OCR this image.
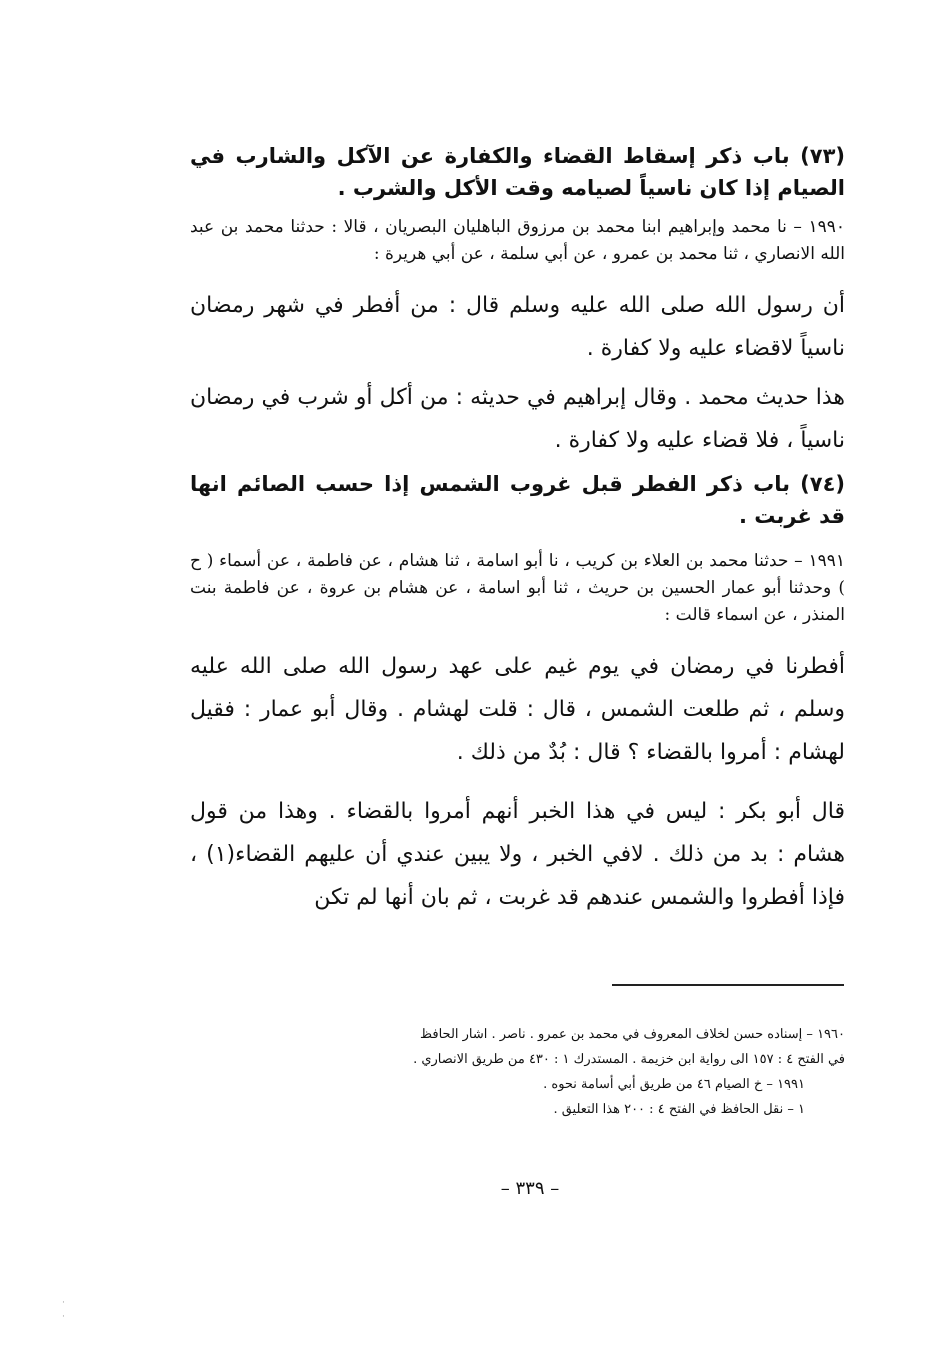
(٧٣) باب ذكر إسقاط القضاء والكفارة عن الآكل والشارب في الصيام إذا كان ناسياً لصيامه وقت الأكل والشرب .

١٩٩٠ – نا محمد وإبراهيم ابنا محمد بن مرزوق الباهليان البصريان ، قالا : حدثنا محمد بن عبد الله الانصاري ، ثنا محمد بن عمرو ، عن أبي سلمة ، عن أبي هريرة :

أن رسول الله صلى الله عليه وسلم قال : من أفطر في شهر رمضان ناسياً لاقضاء عليه ولا كفارة .

هذا حديث محمد . وقال إبراهيم في حديثه : من أكل أو شرب في رمضان ناسياً ، فلا قضاء عليه ولا كفارة .

(٧٤) باب ذكر الفطر قبل غروب الشمس إذا حسب الصائم انها قد غربت .

١٩٩١ – حدثنا محمد بن العلاء بن كريب ، نا أبو اسامة ، ثنا هشام ، عن فاطمة ، عن أسماء ( ح ) وحدثنا أبو عمار الحسين بن حريث ، ثنا أبو اسامة ، عن هشام بن عروة ، عن فاطمة بنت المنذر ، عن اسماء قالت :

أفطرنا في رمضان في يوم غيم على عهد رسول الله صلى الله عليه وسلم ، ثم طلعت الشمس ، قال : قلت لهشام . وقال أبو عمار : فقيل لهشام : أمروا بالقضاء ؟ قال : بُدٌ من ذلك .

قال أبو بكر : ليس في هذا الخبر أنهم أمروا بالقضاء . وهذا من قول هشام : بد من ذلك . لافي الخبر ، ولا يبين عندي أن عليهم القضاء(١) ، فإذا أفطروا والشمس عندهم قد غربت ، ثم بان أنها لم تكن

١٩٦٠ – إسناده حسن لخلاف المعروف في محمد بن عمرو . ناصر . اشار الحافظ

في الفتح ٤ : ١٥٧ الى رواية ابن خزيمة . المستدرك ١ : ٤٣٠ من طريق الانصاري .

١٩٩١ – خ الصيام ٤٦ من طريق أبي أسامة نحوه .

١ – نقل الحافظ في الفتح ٤ : ٢٠٠ هذا التعليق .

– ٣٣٩ –
·
·
